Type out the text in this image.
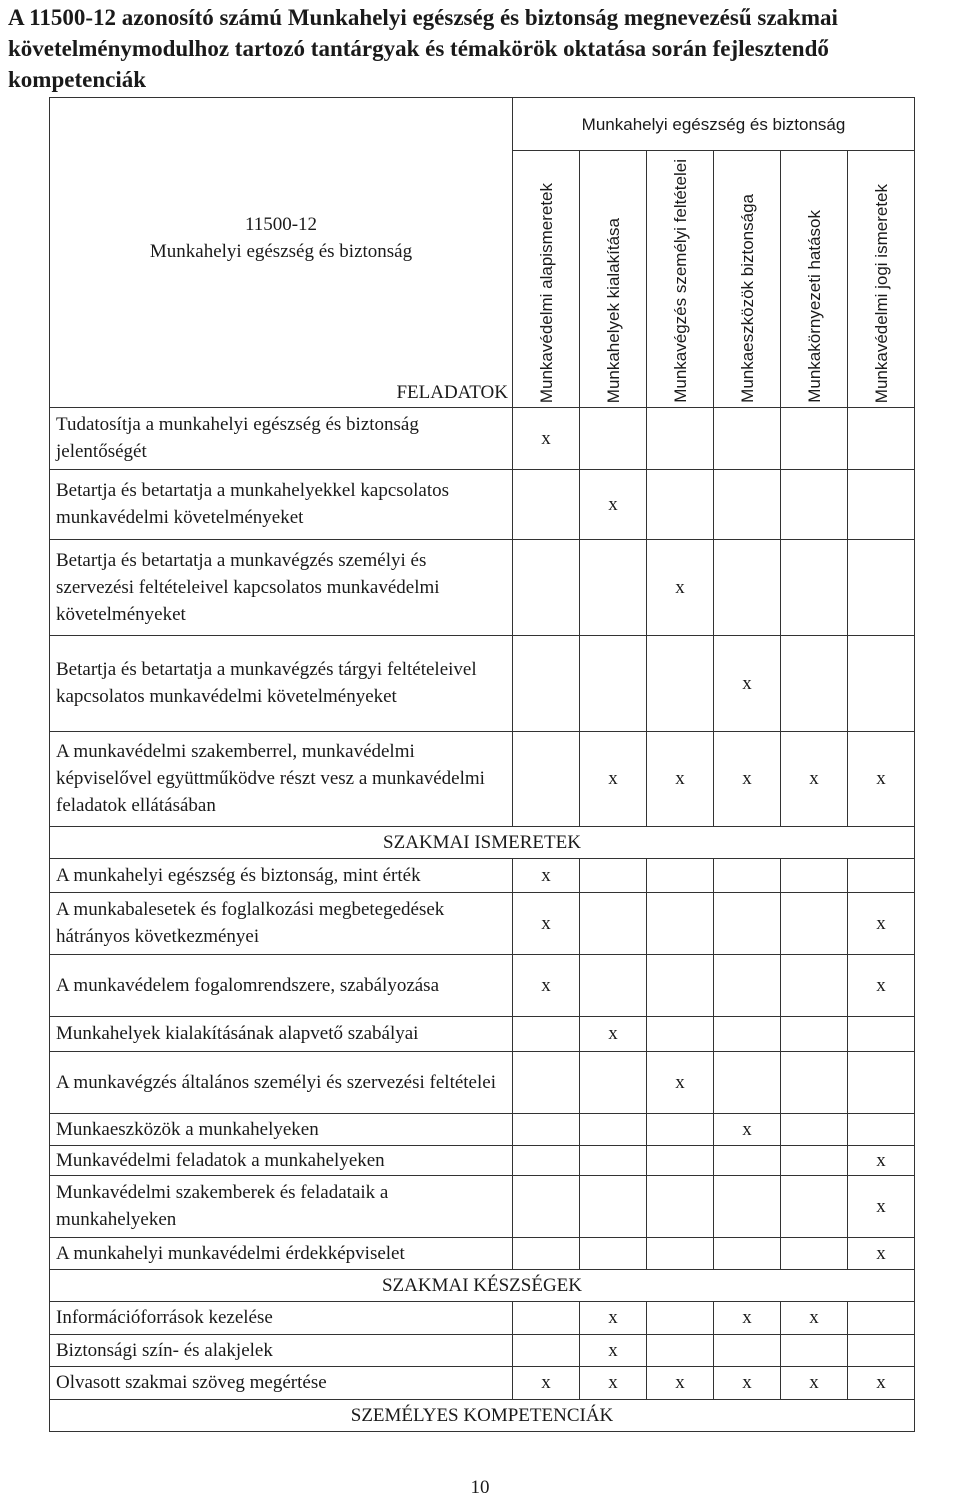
A 11500-12 azonosító számú Munkahelyi egészség és biztonság megnevezésű szakmai követelménymodulhoz tartozó tantárgyak és témakörök oktatása során fejlesztendő kompetenciák
11500-12
Munkahelyi egészség és biztonság	Munkahelyi egészség és biztonság					

	Munkavédelmi alapismeretek	Munkahelyek kialakítása	Munkavégzés személyi feltételei	Munkaeszközök biztonsága	Munkakörnyezeti hatások	Munkavédelmi jogi ismeretek

FELADATOK						
Tudatosítja a munkahelyi egészség és biztonság jelentőségét	x					
Betartja és betartatja a munkahelyekkel kapcsolatos munkavédelmi követelményeket		x				
Betartja és betartatja a munkavégzés személyi és szervezési feltételeivel kapcsolatos munkavédelmi követelményeket			x			
Betartja és betartatja a munkavégzés tárgyi feltételeivel kapcsolatos munkavédelmi követelményeket				x		
A munkavédelmi szakemberrel, munkavédelmi képviselővel együttműködve részt vesz a munkavédelmi feladatok ellátásában		x	x	x	x	x
SZAKMAI ISMERETEK						
A munkahelyi egészség és biztonság, mint érték	x					
A munkabalesetek és foglalkozási megbetegedések hátrányos következményei	x					x
A munkavédelem fogalomrendszere, szabályozása	x					x
Munkahelyek kialakításának alapvető szabályai		x				
A munkavégzés általános személyi és szervezési feltételei			x			
Munkaeszközök a munkahelyeken				x		
Munkavédelmi feladatok a munkahelyeken						x
Munkavédelmi szakemberek és feladataik a munkahelyeken						x
A munkahelyi munkavédelmi érdekképviselet						x
SZAKMAI KÉSZSÉGEK						
Információforrások kezelése		x		x	x	
Biztonsági szín- és alakjelek		x				
Olvasott szakmai szöveg megértése	x	x	x	x	x	x
SZEMÉLYES KOMPETENCIÁK						
10
